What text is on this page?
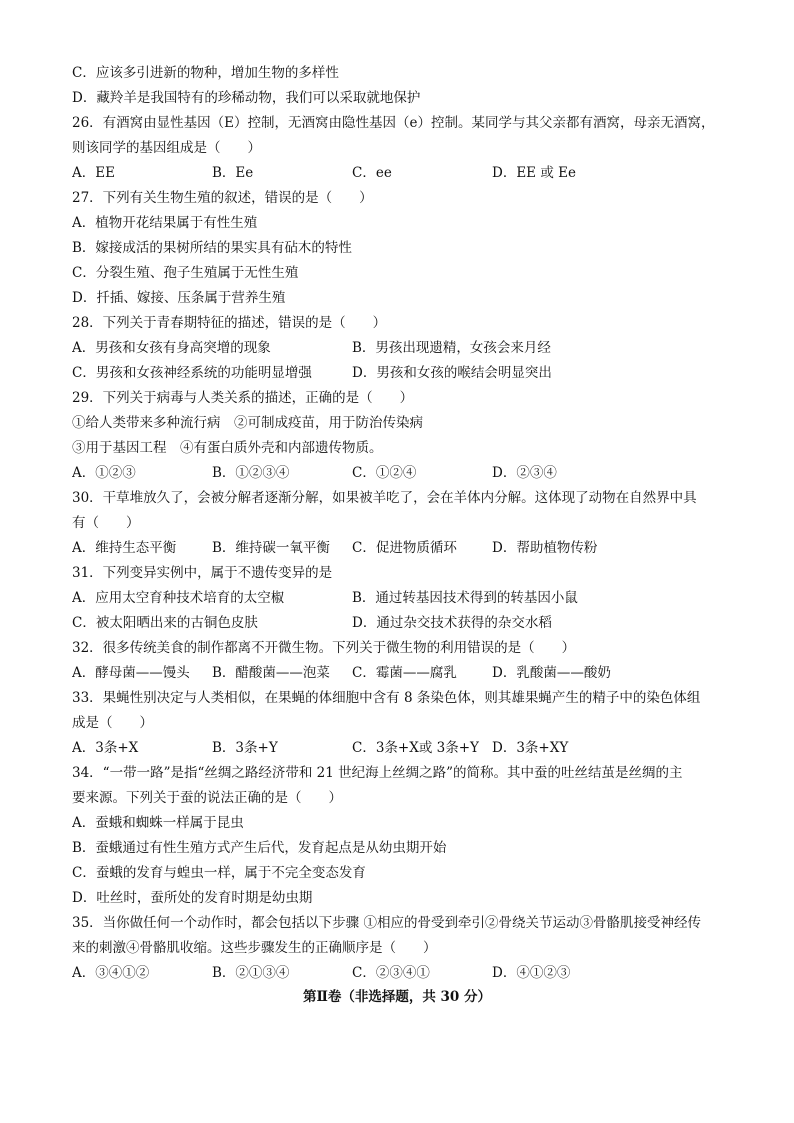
C．应该多引进新的物种，增加生物的多样性
D．藏羚羊是我国特有的珍稀动物，我们可以采取就地保护
26．有酒窝由显性基因（E）控制，无酒窝由隐性基因（e）控制。某同学与其父亲都有酒窝，母亲无酒窝，
则该同学的基因组成是（　　）
A．EE	B．Ee	C．ee	D．EE 或 Ee
27．下列有关生物生殖的叙述，错误的是（　　）
A．植物开花结果属于有性生殖
B．嫁接成活的果树所结的果实具有砧木的特性
C．分裂生殖、孢子生殖属于无性生殖
D．扦插、嫁接、压条属于营养生殖
28．下列关于青春期特征的描述，错误的是（　　）
A．男孩和女孩有身高突增的现象	B．男孩出现遗精，女孩会来月经
C．男孩和女孩神经系统的功能明显增强	D．男孩和女孩的喉结会明显突出
29．下列关于病毒与人类关系的描述，正确的是（　　）
①给人类带来多种流行病　②可制成疫苗，用于防治传染病
③用于基因工程　④有蛋白质外壳和内部遗传物质。
A．①②③	B．①②③④	C．①②④	D．②③④
30．干草堆放久了，会被分解者逐渐分解，如果被羊吃了，会在羊体内分解。这体现了动物在自然界中具
有（　　）
A．维持生态平衡	B．维持碳一氧平衡 C．促进物质循环	D．帮助植物传粉
31．下列变异实例中，属于不遗传变异的是
A．应用太空育种技术培育的太空椒	B．通过转基因技术得到的转基因小鼠
C．被太阳晒出来的古铜色皮肤	D．通过杂交技术获得的杂交水稻
32．很多传统美食的制作都离不开微生物。下列关于微生物的利用错误的是（　　）
A．酵母菌——馒头 B．醋酸菌——泡菜 C．霉菌——腐乳	D．乳酸菌——酸奶
33．果蝇性别决定与人类相似，在果蝇的体细胞中含有 8 条染色体，则其雄果蝇产生的精子中的染色体组
成是（　　）
A．3条+X	B．3条+Y	C．3条+X或 3条+Y D．3条+XY
34．“一带一路”是指“丝绸之路经济带和 21 世纪海上丝绸之路”的简称。其中蚕的吐丝结茧是丝绸的主
要来源。下列关于蚕的说法正确的是（　　）
A．蚕蛾和蜘蛛一样属于昆虫
B．蚕蛾通过有性生殖方式产生后代，发育起点是从幼虫期开始
C．蚕蛾的发育与蝗虫一样，属于不完全变态发育
D．吐丝时，蚕所处的发育时期是幼虫期
35．当你做任何一个动作时，都会包括以下步骤 ①相应的骨受到牵引②骨绕关节运动③骨骼肌接受神经传
来的刺激④骨骼肌收缩。这些步骤发生的正确顺序是（　　）
A．③④①②	B．②①③④	C．②③④①	D．④①②③
第Ⅱ卷（非选择题，共 30 分）
